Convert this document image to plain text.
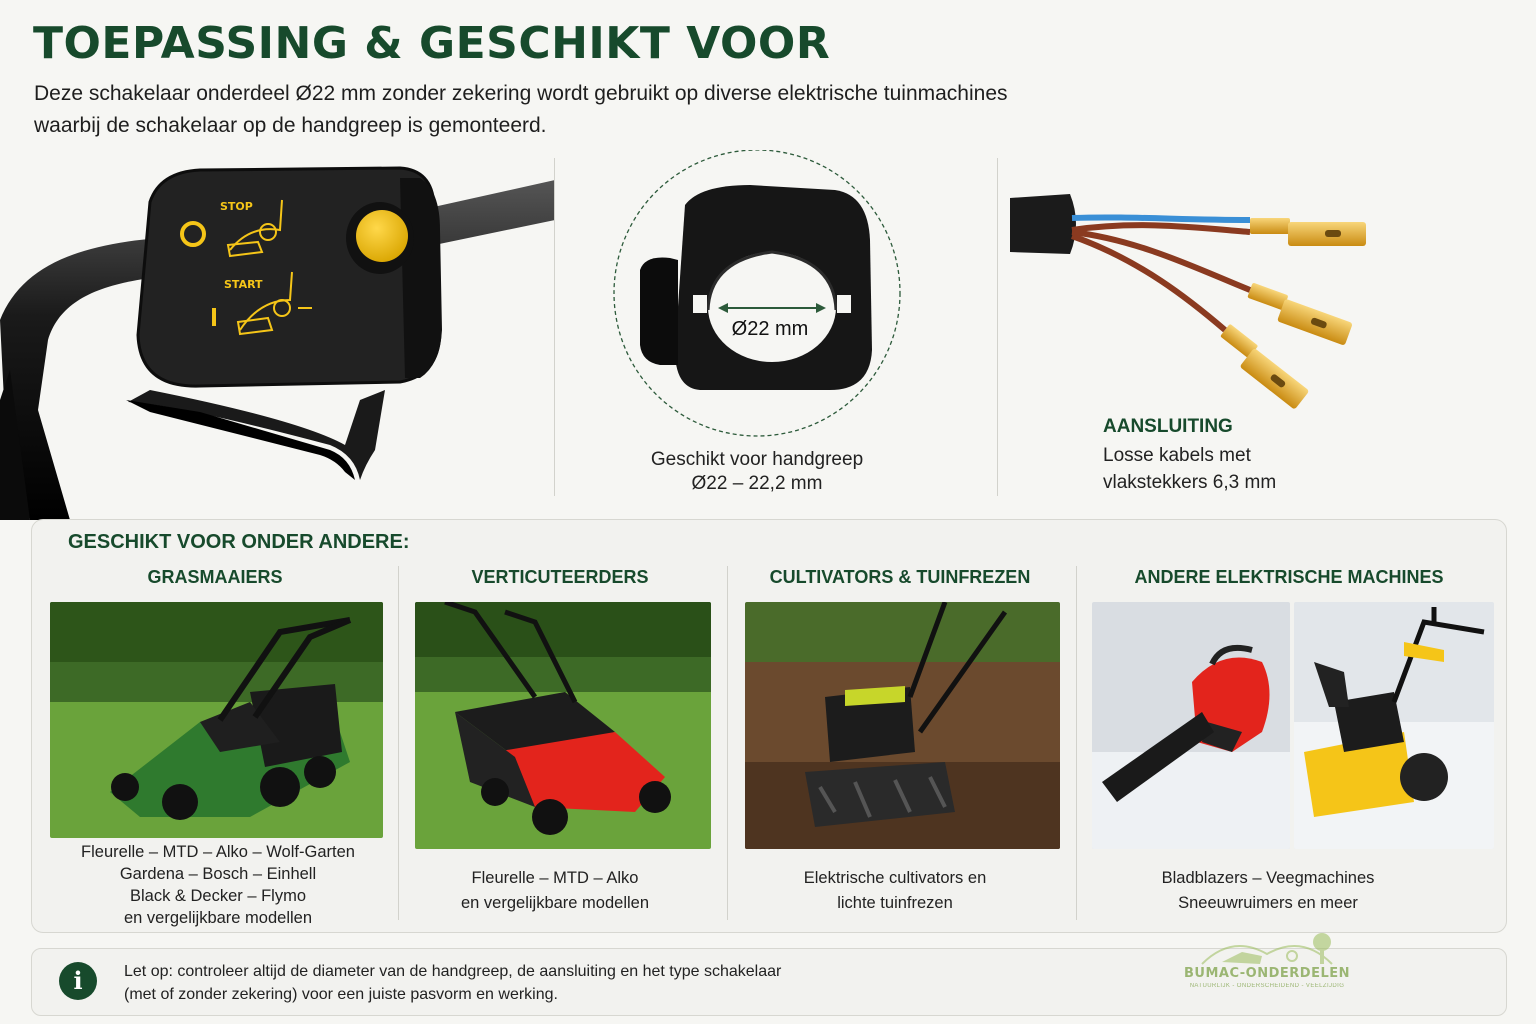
TOEPASSING & GESCHIKT VOOR

Deze schakelaar onderdeel Ø22 mm zonder zekering wordt gebruikt op diverse elektrische tuinmachines waarbij de schakelaar op de handgreep is gemonteerd.

STOP
START
Ø22 mm
Geschikt voor handgreep
Ø22 – 22,2 mm
AANSLUITING
Losse kabels met
vlakstekkers 6,3 mm
GESCHIKT VOOR ONDER ANDERE:
GRASMAAIERS	VERTICUTEERDERS	CULTIVATORS & TUINFREZEN	ANDERE ELEKTRISCHE MACHINES
Fleurelle – MTD – Alko – Wolf-Garten
Gardena – Bosch – Einhell
Black & Decker – Flymo
en vergelijkbare modellen
Fleurelle – MTD – Alko
en vergelijkbare modellen
Elektrische cultivators en
lichte tuinfrezen
Bladblazers – Veegmachines
Sneeuwruimers en meer
i	Let op: controleer altijd de diameter van de handgreep, de aansluiting en het type schakelaar
(met of zonder zekering) voor een juiste pasvorm en werking.
BUMAC-ONDERDELEN
NATUURLIJK - ONDERSCHEIDEND - VEELZIJDIG
